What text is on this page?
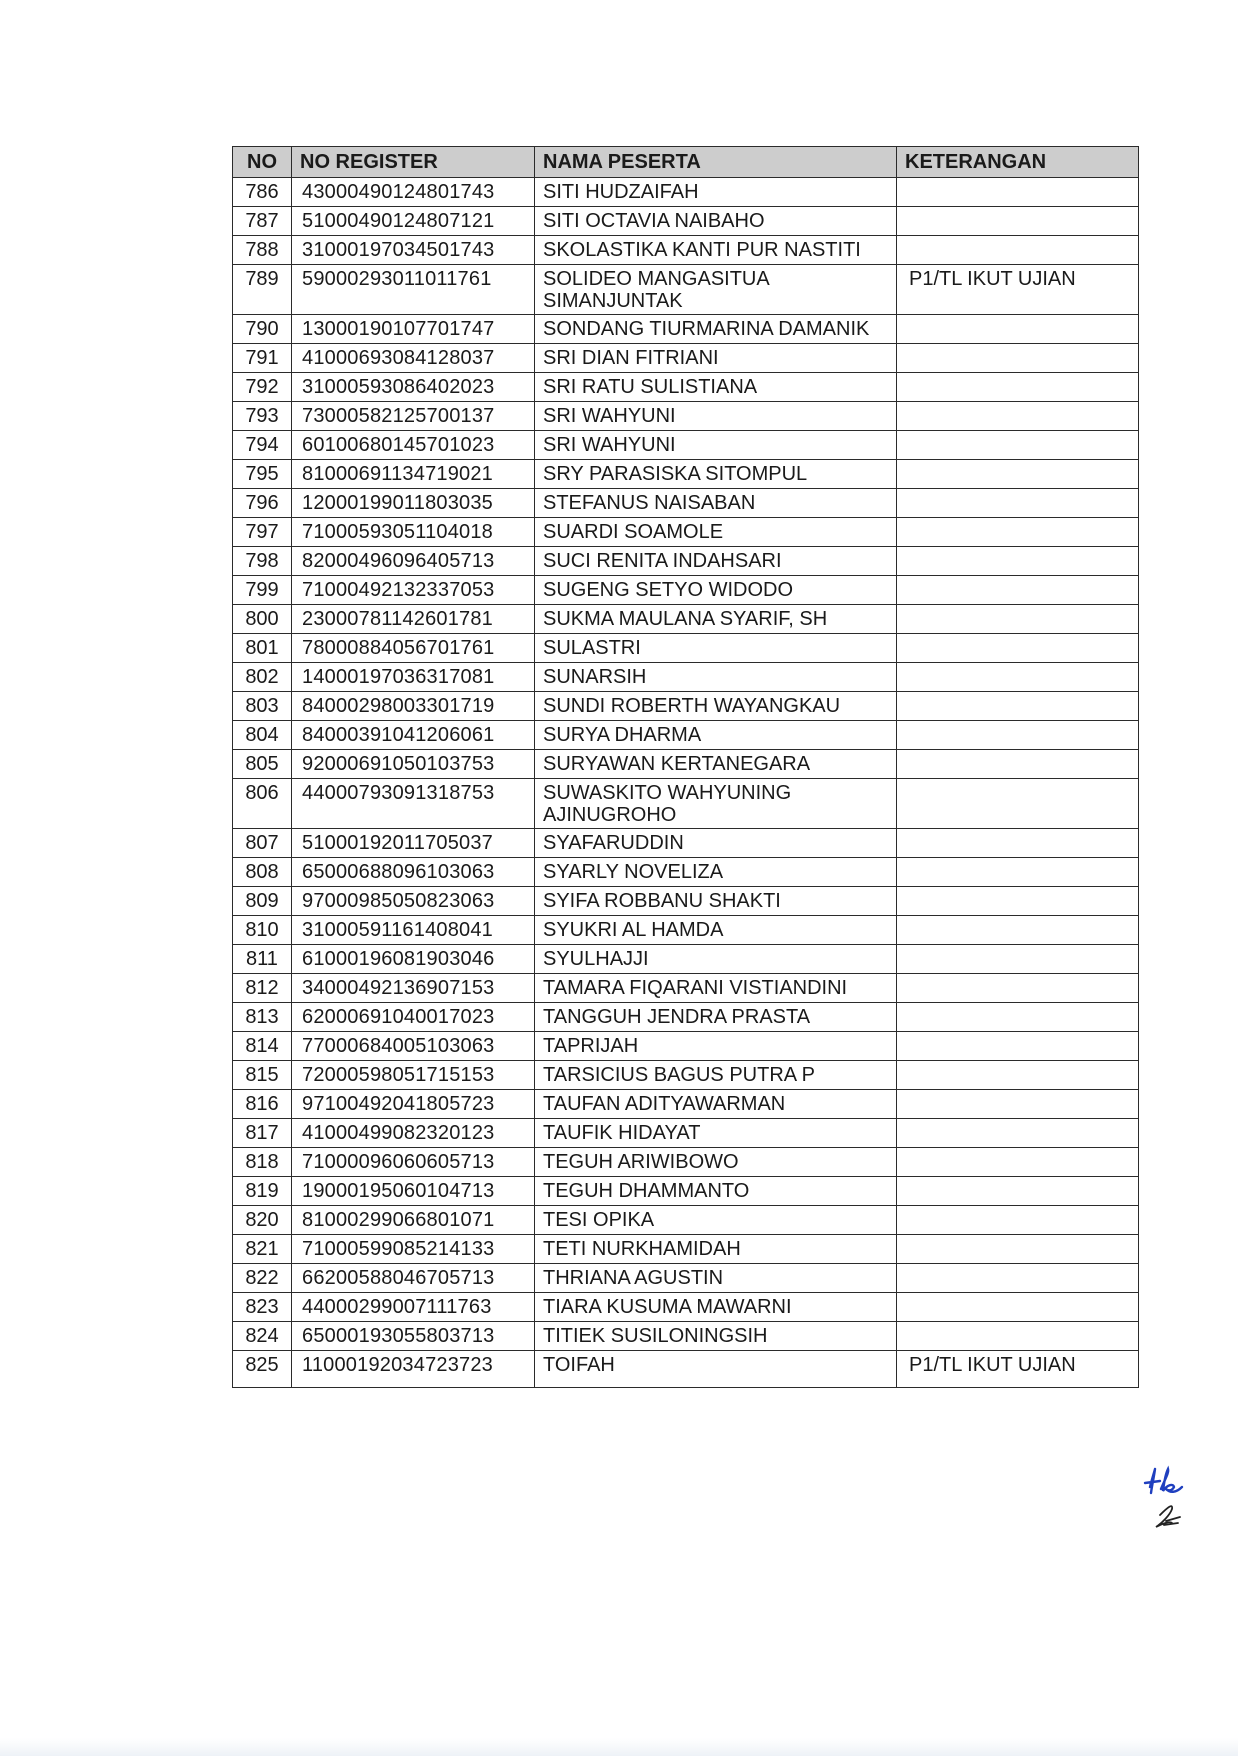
NO	NO REGISTER	NAMA PESERTA	KETERANGAN
786	43000490124801743	SITI HUDZAIFAH	
787	51000490124807121	SITI OCTAVIA NAIBAHO	
788	31000197034501743	SKOLASTIKA KANTI PUR NASTITI	
789	59000293011011761	SOLIDEO MANGASITUA SIMANJUNTAK	P1/TL IKUT UJIAN
790	13000190107701747	SONDANG TIURMARINA DAMANIK	
791	41000693084128037	SRI DIAN FITRIANI	
792	31000593086402023	SRI RATU SULISTIANA	
793	73000582125700137	SRI WAHYUNI	
794	60100680145701023	SRI WAHYUNI	
795	81000691134719021	SRY PARASISKA SITOMPUL	
796	12000199011803035	STEFANUS NAISABAN	
797	71000593051104018	SUARDI SOAMOLE	
798	82000496096405713	SUCI RENITA INDAHSARI	
799	71000492132337053	SUGENG SETYO WIDODO	
800	23000781142601781	SUKMA MAULANA SYARIF, SH	
801	78000884056701761	SULASTRI	
802	14000197036317081	SUNARSIH	
803	84000298003301719	SUNDI ROBERTH WAYANGKAU	
804	84000391041206061	SURYA DHARMA	
805	92000691050103753	SURYAWAN KERTANEGARA	
806	44000793091318753	SUWASKITO WAHYUNING AJINUGROHO	
807	51000192011705037	SYAFARUDDIN	
808	65000688096103063	SYARLY NOVELIZA	
809	97000985050823063	SYIFA ROBBANU SHAKTI	
810	31000591161408041	SYUKRI AL HAMDA	
811	61000196081903046	SYULHAJJI	
812	34000492136907153	TAMARA FIQARANI VISTIANDINI	
813	62000691040017023	TANGGUH JENDRA PRASTA	
814	77000684005103063	TAPRIJAH	
815	72000598051715153	TARSICIUS BAGUS PUTRA P	
816	97100492041805723	TAUFAN ADITYAWARMAN	
817	41000499082320123	TAUFIK HIDAYAT	
818	71000096060605713	TEGUH ARIWIBOWO	
819	19000195060104713	TEGUH DHAMMANTO	
820	81000299066801071	TESI OPIKA	
821	71000599085214133	TETI NURKHAMIDAH	
822	66200588046705713	THRIANA AGUSTIN	
823	44000299007111763	TIARA KUSUMA MAWARNI	
824	65000193055803713	TITIEK SUSILONINGSIH	
825	11000192034723723	TOIFAH	P1/TL IKUT UJIAN
